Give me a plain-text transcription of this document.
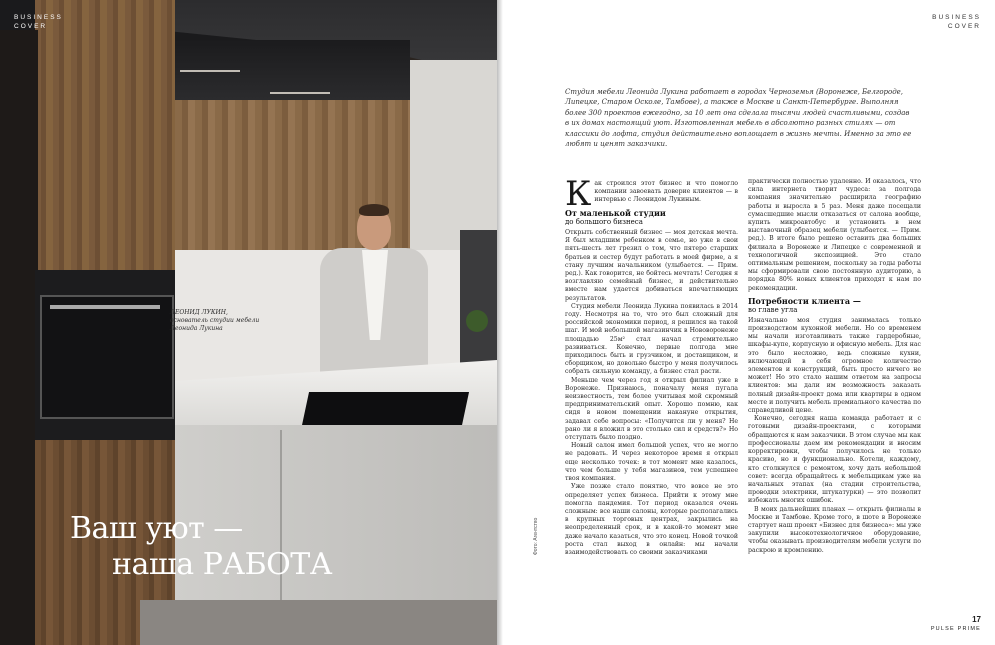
BUSINESS
COVER
ЛЕОНИД ЛУКИН,
основатель студии мебели Леонида Лукина
Ваш уют —
наша РАБОТА
Фото: Агентство
BUSINESS
COVER
Студия мебели Леонида Лукина работает в городах Черноземья (Воронеже, Белгороде, Липецке, Старом Осколе, Тамбове), а также в Москве и Санкт-Петербурге. Выполняя более 300 проектов ежегодно, за 10 лет она сделала тысячи людей счастливыми, создав в их домах настоящий уют. Изготовленная мебель в абсолютно разных стилях — от классики до лофта, студия действительно воплощает в жизнь мечты. Именно за это ее любят и ценят заказчики.
К ак строился этот бизнес и что помогло компании завоевать доверие клиентов — в интервью с Леонидом Лукиным.
От маленькой студии
до большого бизнеса

Открыть собственный бизнес — моя детская мечта. Я был младшим ребенком в семье, но уже в свои пять-шесть лет грезил о том, что пятеро старших братьев и сестер будут работать в моей фирме, а я стану лучшим начальником (улыбается. — Прим. ред.). Как говорится, не бойтесь мечтать! Сегодня я возглавляю семейный бизнес, и действительно вместе нам удается добиваться впечатляющих результатов.

Студия мебели Леонида Лукина появилась в 2014 году. Несмотря на то, что это был сложный для российской экономики период, я решился на такой шаг. И мой небольшой магазинчик в Нововоронеже площадью 25м² стал начал стремительно развиваться. Конечно, первые полгода мне приходилось быть и грузчиком, и доставщиком, и сборщиком, но довольно быстро у меня получилось собрать сильную команду, а бизнес стал расти.

Меньше чем через год я открыл филиал уже в Воронеже. Признаюсь, поначалу меня пугала неизвестность, тем более учитывая мой скромный предпринимательский опыт. Хорошо помню, как сидя в новом помещении накануне открытия, задавал себе вопросы: «Получится ли у меня? Не рано ли я вложил в это столько сил и средств?» Но отступать было поздно.

Новый салон имел большой успех, что не могло не радовать. И через некоторое время я открыл еще несколько точек: в тот момент мне казалось, что чем больше у тебя магазинов, тем успешнее твоя компания.

Уже позже стало понятно, что вовсе не это определяет успех бизнеса. Прийти к этому мне помогла пандемия. Тот период оказался очень сложным: все наши салоны, которые располагались в крупных торговых центрах, закрылись на неопределенный срок, и в какой-то момент мне даже начало казаться, что это конец. Новой точкой роста стал выход в онлайн: мы начали взаимодействовать со своими заказчиками

практически полностью удаленно. И оказалось, что сила интернета творит чудеса: за полгода компания значительно расширила географию работы и выросла в 5 раз. Меня даже посещали сумасшедшие мысли отказаться от салона вообще, купить микроавтобус и установить в нем выставочный образец мебели (улыбается. — Прим. ред.). В итоге было решено оставить два больших филиала в Воронеже и Липецке с современной и технологичной экспозицией. Это стало оптимальным решением, поскольку за годы работы мы сформировали свою постоянную аудиторию, а порядка 80% новых клиентов приходят к нам по рекомендации.

Потребности клиента —
во главе угла

Изначально моя студия занималась только производством кухонной мебели. Но со временем мы начали изготавливать также гардеробные, шкафы-купе, корпусную и офисную мебель. Для нас это было несложно, ведь сложные кухни, включающей в себя огромное количество элементов и конструкций, быть просто ничего не может! Но это стало нашим ответом на запросы клиентов: мы дали им возможность заказать полный дизайн-проект дома или квартиры в одном месте и получить мебель премиального качества по справедливой цене.

Конечно, сегодня наша команда работает и с готовыми дизайн-проектами, с которыми обращаются к нам заказчики. В этом случае мы как профессионалы даем им рекомендации и вносим корректировки, чтобы получилось не только красиво, но и функционально. Котели, каждому, кто столкнулся с ремонтом, хочу дать небольшой совет: всегда обращайтесь к мебельщикам уже на начальных этапах (на стадии строительства, проводки электрики, штукатурки) — это позволит избежать многих ошибок.

В моих дальнейших планах — открыть филиалы в Москве и Тамбове. Кроме того, в шоте в Воронеже стартует наш проект «Бизнес для бизнеса»: мы уже закупили высокотехнологичное оборудование, чтобы оказывать производителям мебели услуги по раскрою и кромлению.

17
PULSE PRIME
